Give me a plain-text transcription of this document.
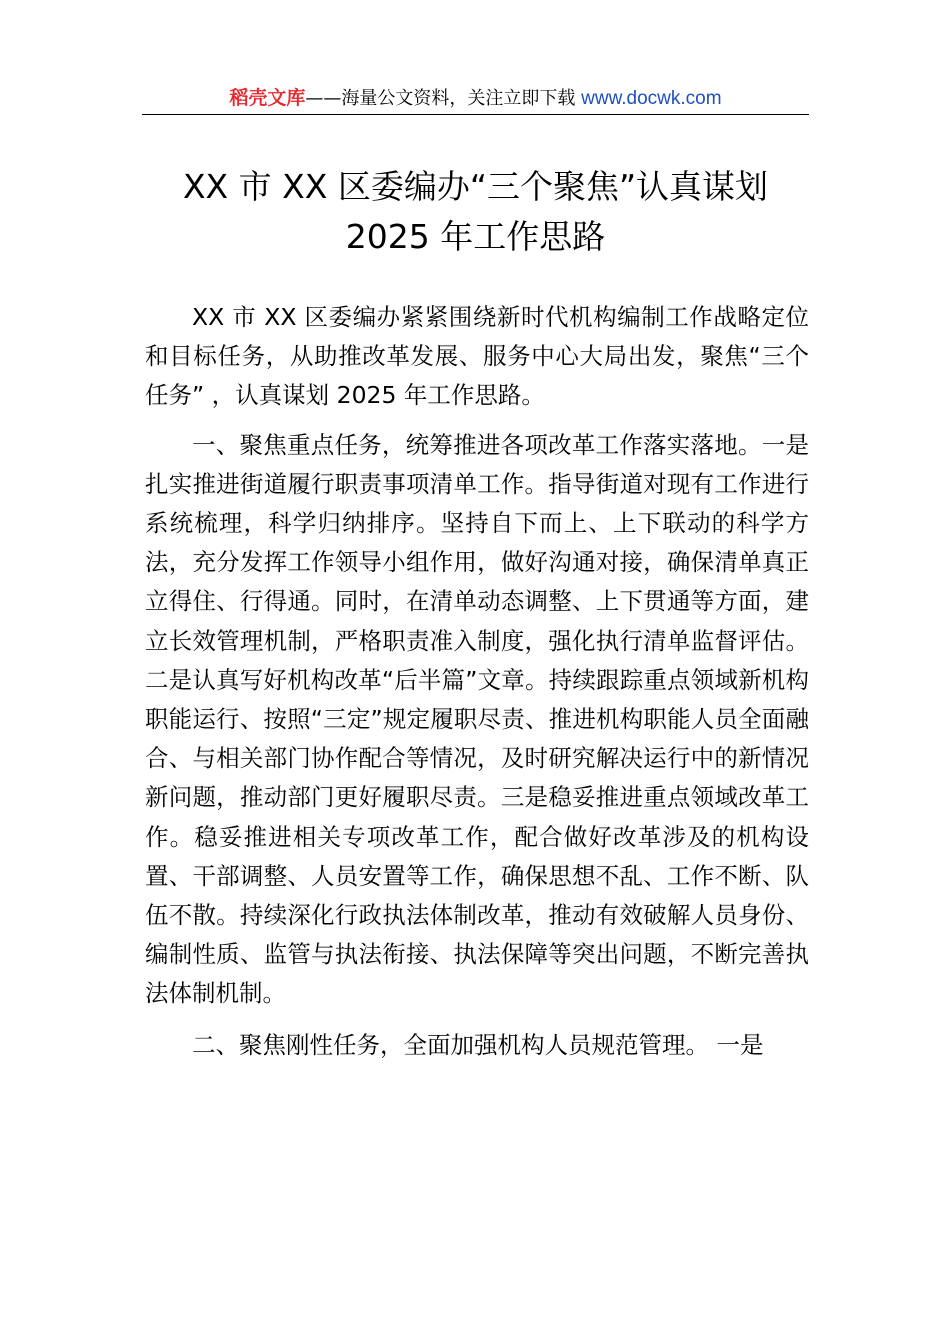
稻壳文库——海量公文资料，关注立即下载 www.docwk.com
XX 市 XX 区委编办“三个聚焦”认真谋划
2025 年工作思路

XX 市 XX 区委编办紧紧围绕新时代机构编制工作战略定位和目标任务，从助推改革发展、服务中心大局出发，聚焦“三个任务” ，认真谋划 2025 年工作思路。

一、聚焦重点任务，统筹推进各项改革工作落实落地。一是扎实推进街道履行职责事项清单工作。指导街道对现有工作进行系统梳理，科学归纳排序。坚持自下而上、上下联动的科学方法，充分发挥工作领导小组作用，做好沟通对接，确保清单真正立得住、行得通。同时，在清单动态调整、上下贯通等方面，建立长效管理机制，严格职责准入制度，强化执行清单监督评估。二是认真写好机构改革“后半篇”文章。持续跟踪重点领域新机构职能运行、按照“三定”规定履职尽责、推进机构职能人员全面融合、与相关部门协作配合等情况，及时研究解决运行中的新情况新问题，推动部门更好履职尽责。三是稳妥推进重点领域改革工作。稳妥推进相关专项改革工作，配合做好改革涉及的机构设置、干部调整、人员安置等工作，确保思想不乱、工作不断、队伍不散。持续深化行政执法体制改革，推动有效破解人员身份、编制性质、监管与执法衔接、执法保障等突出问题，不断完善执法体制机制。

二、聚焦刚性任务，全面加强机构人员规范管理。 一是
